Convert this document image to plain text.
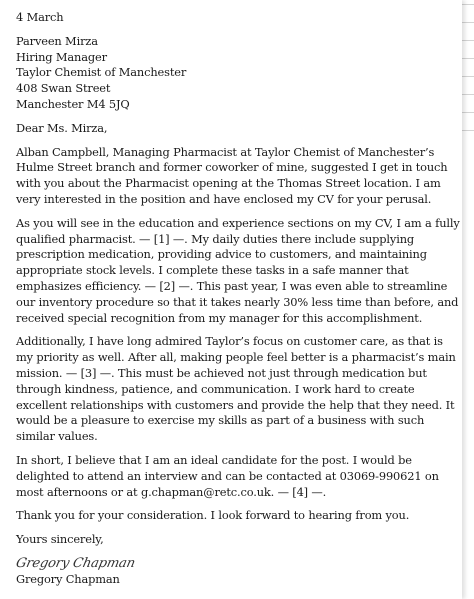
4 March

Parveen Mirza

Hiring Manager

Taylor Chemist of Manchester

408 Swan Street

Manchester M4 5JQ

Dear Ms. Mirza,

Alban Campbell, Managing Pharmacist at Taylor Chemist of Manchester’s Hulme Street branch and former coworker of mine, suggested I get in touch with you about the Pharmacist opening at the Thomas Street location. I am very interested in the position and have enclosed my CV for your perusal.

As you will see in the education and experience sections on my CV, I am a fully qualified pharmacist. — [1] —. My daily duties there include supplying prescription medication, providing advice to customers, and maintaining appropriate stock levels. I complete these tasks in a safe manner that emphasizes efficiency. — [2] —. This past year, I was even able to streamline our inventory procedure so that it takes nearly 30% less time than before, and received special recognition from my manager for this accomplishment.

Additionally, I have long admired Taylor’s focus on customer care, as that is my priority as well. After all, making people feel better is a pharmacist’s main mission. — [3] —. This must be achieved not just through medication but through kindness, patience, and communication. I work hard to create excellent relationships with customers and provide the help that they need. It would be a pleasure to exercise my skills as part of a business with such similar values.

In short, I believe that I am an ideal candidate for the post. I would be delighted to attend an interview and can be contacted at 03069-990621 on most afternoons or at g.chapman@retc.co.uk. — [4] —.

Thank you for your consideration. I look forward to hearing from you.

Yours sincerely,

Gregory Chapman

Gregory Chapman
